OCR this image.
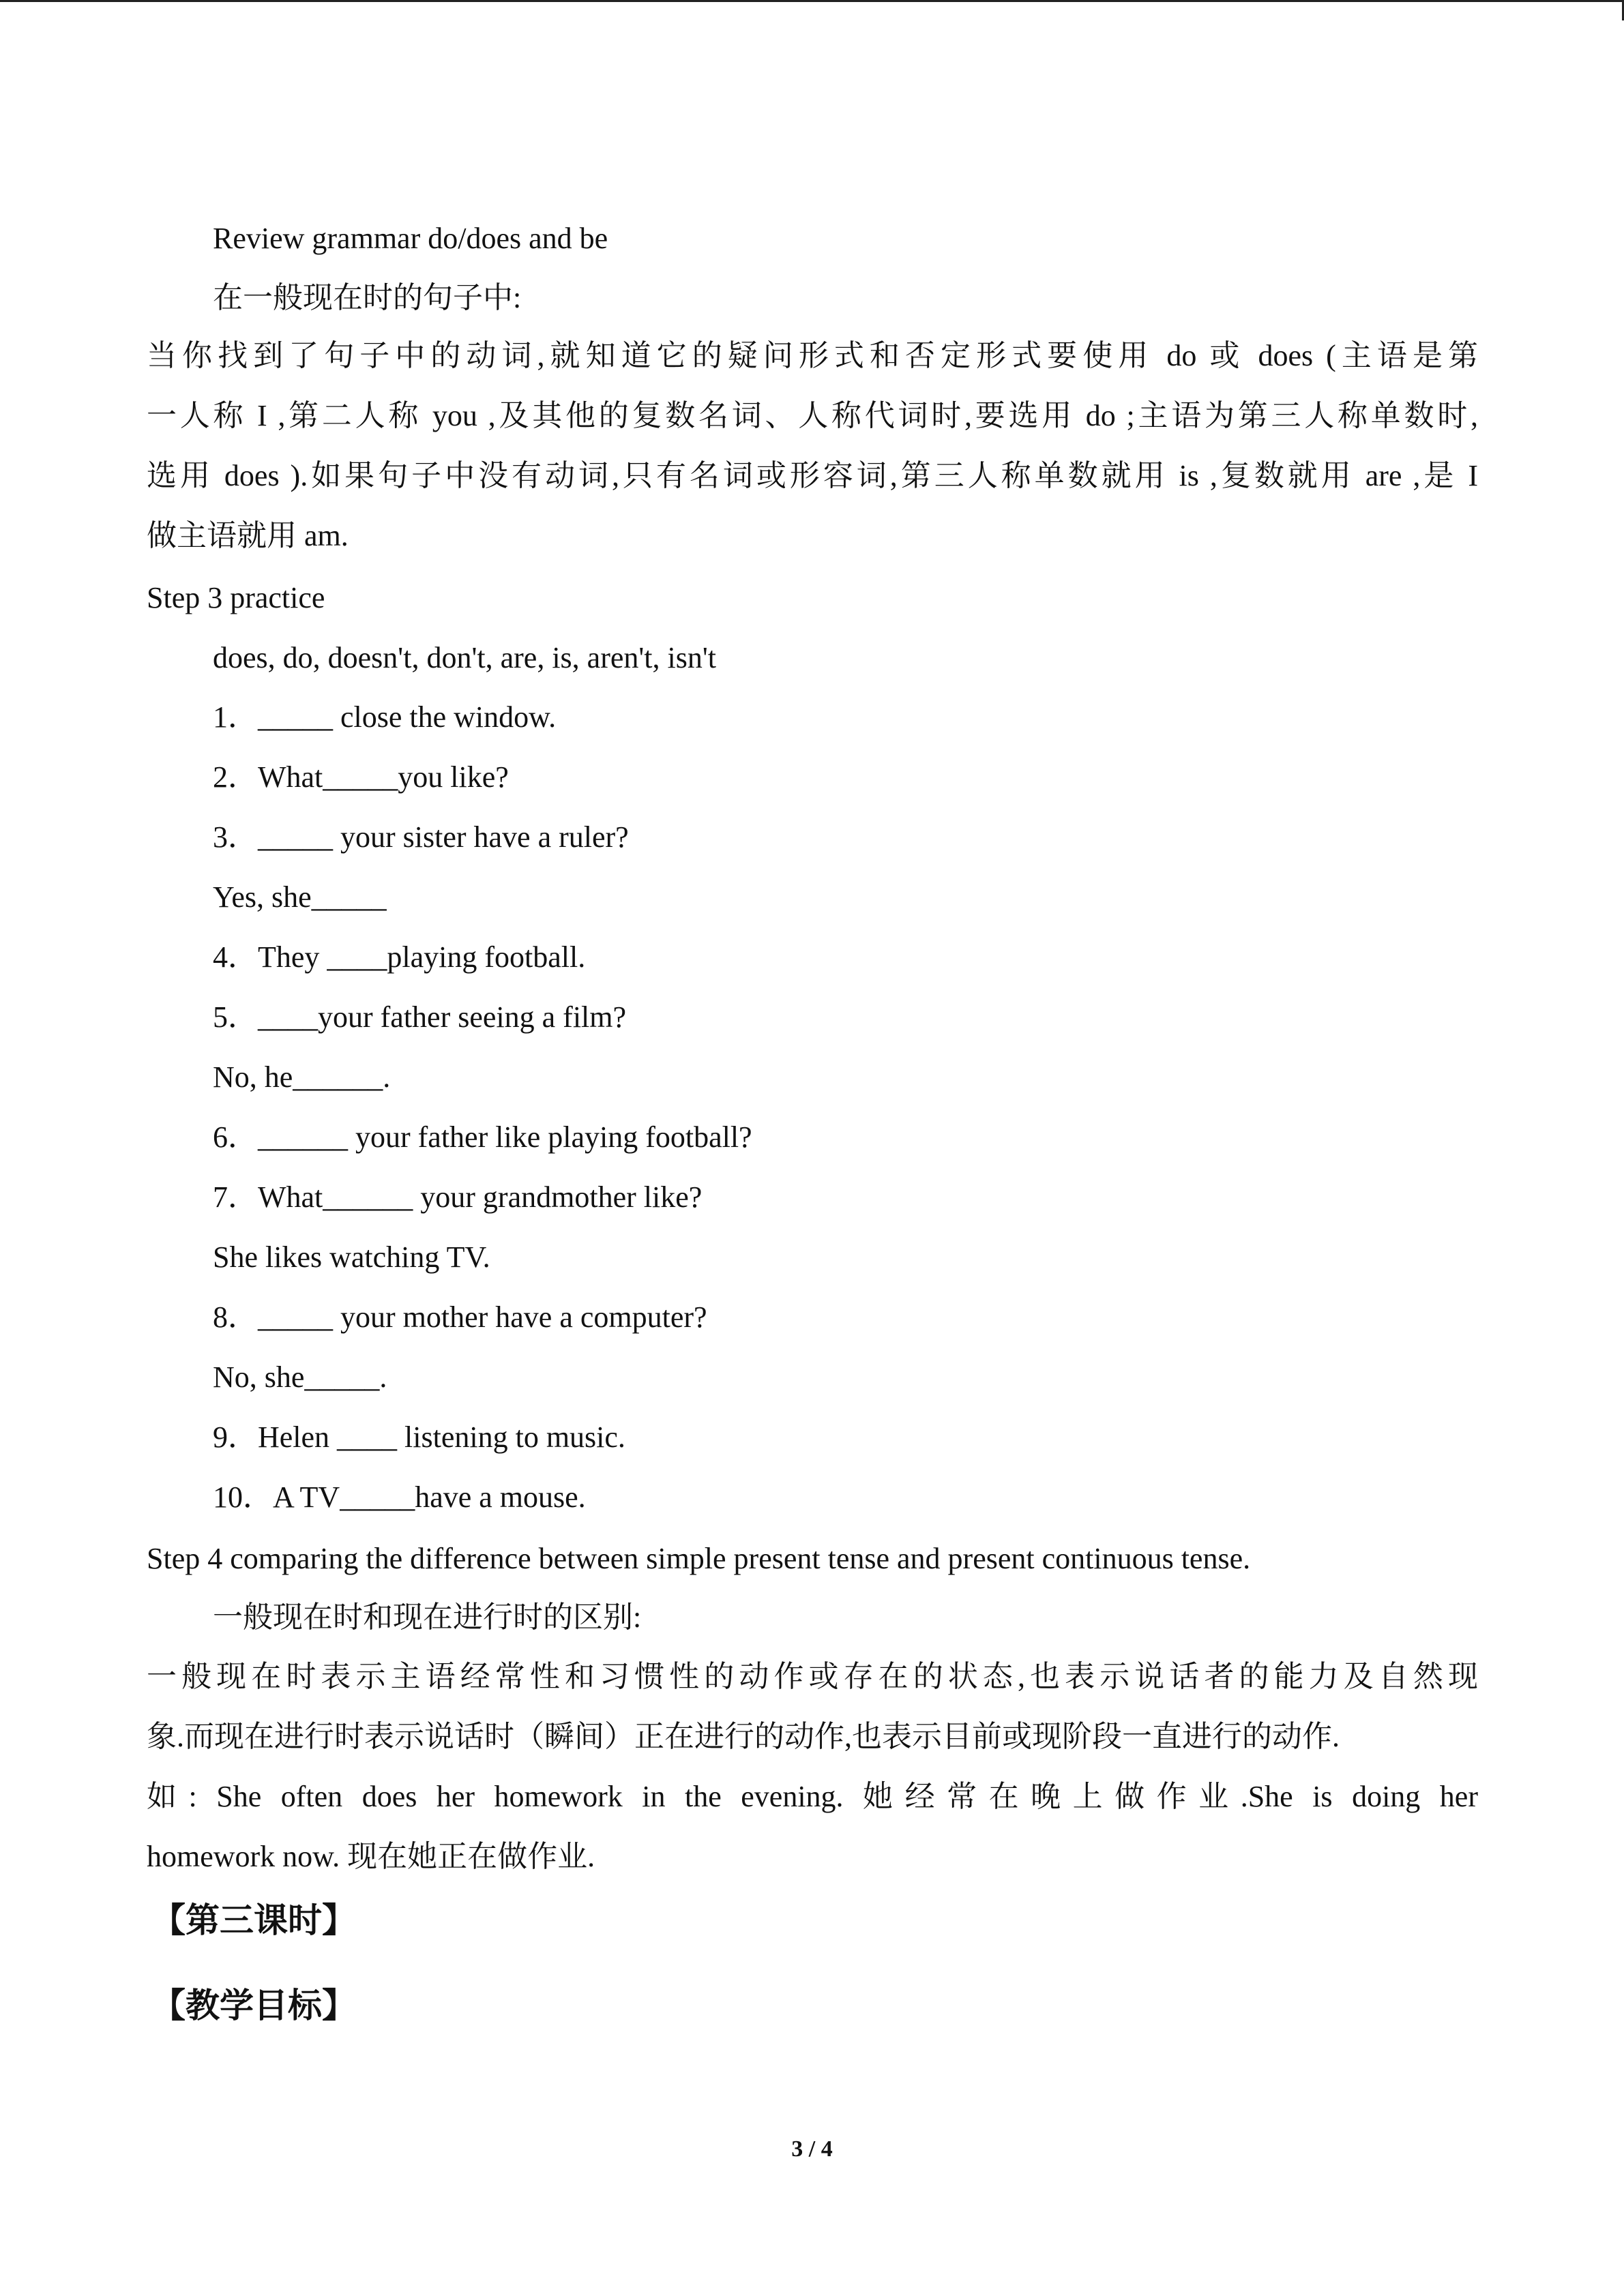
Review grammar do/does and be

在一般现在时的句子中:

当你找到了句子中的动词,就知道它的疑问形式和否定形式要使用 do 或 does (主语是第

一人称 I ,第二人称 you ,及其他的复数名词、人称代词时,要选用 do ;主语为第三人称单数时,

选用 does ).如果句子中没有动词,只有名词或形容词,第三人称单数就用 is ,复数就用 are ,是 I

做主语就用 am.

Step 3 practice

does, do, doesn't, don't, are, is, aren't, isn't

1．_____ close the window.

2．What_____you like?

3．_____ your sister have a ruler?

Yes, she_____

4．They ____playing football.

5．____your father seeing a film?

No, he______.

6．______ your father like playing football?

7．What______ your grandmother like?

She likes watching TV.

8．_____ your mother have a computer?

No, she_____.

9．Helen ____ listening to music.

10．A TV_____have a mouse.

Step 4 comparing the difference between simple present tense and present continuous tense.

一般现在时和现在进行时的区别:

一般现在时表示主语经常性和习惯性的动作或存在的状态,也表示说话者的能力及自然现

象.而现在进行时表示说话时（瞬间）正在进行的动作,也表示目前或现阶段一直进行的动作.

如: She often does her homework in the evening. 她经常在晚上做作业.She is doing her

homework now. 现在她正在做作业.

【第三课时】

【教学目标】

3 / 4
